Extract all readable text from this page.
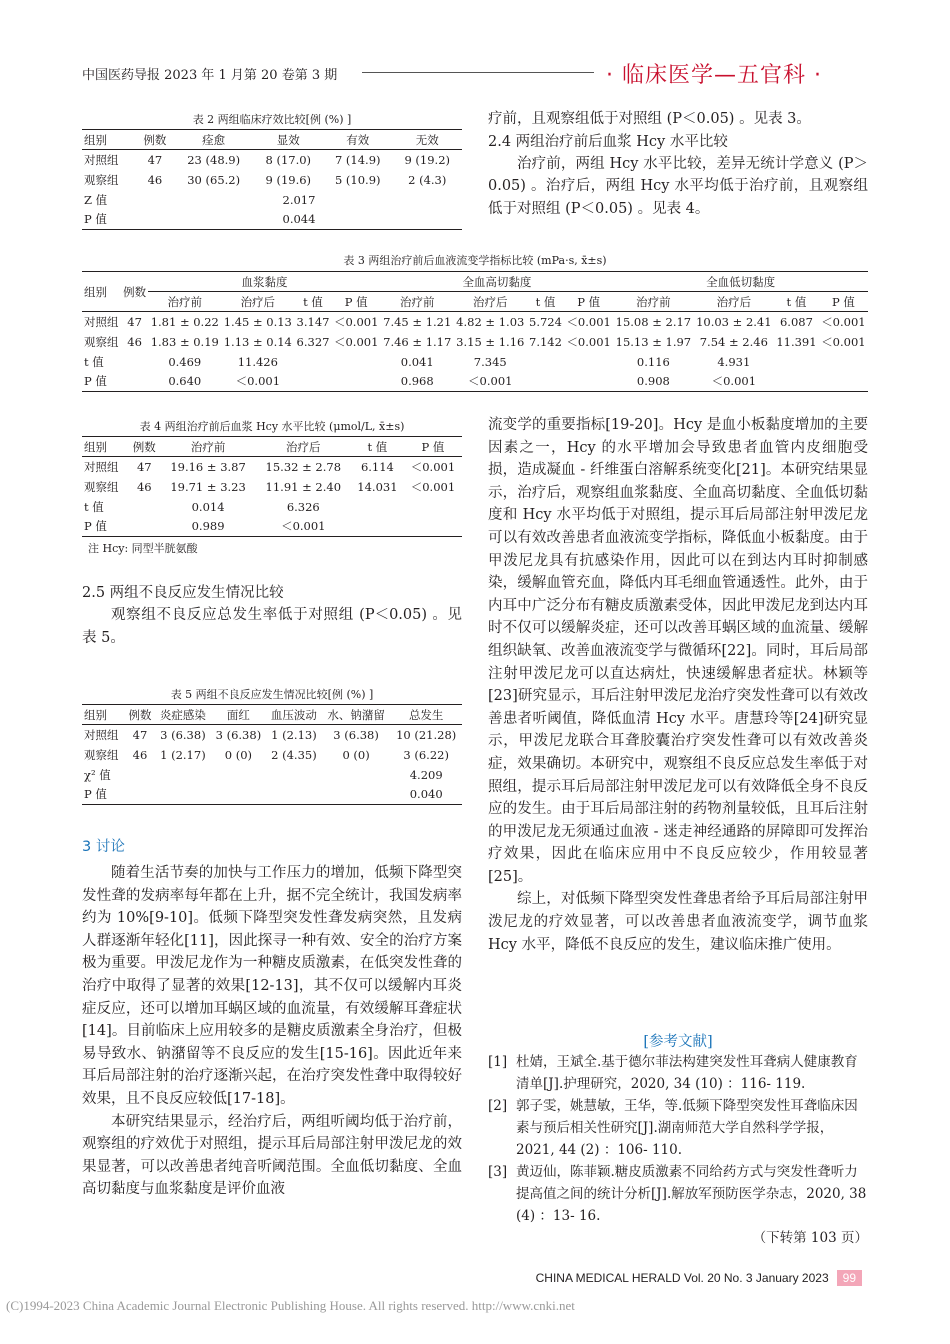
中国医药导报 2023 年 1 月第 20 卷第 3 期	· 临床医学—五官科 ·
表 2 两组临床疗效比较[例 (%) ]
组别	例数	痊愈	显效	有效	无效
对照组	47	23 (48.9)	8 (17.0)	7 (14.9)	9 (19.2)
观察组	46	30 (65.2)	9 (19.6)	5 (10.9)	2 (4.3)
Z 值	2.017				
P 值	0.044				
疗前，且观察组低于对照组 (P＜0.05) 。见表 3。
2.4 两组治疗前后血浆 Hcy 水平比较
治疗前，两组 Hcy 水平比较，差异无统计学意义 (P＞0.05) 。治疗后，两组 Hcy 水平均低于治疗前，且观察组低于对照组 (P＜0.05) 。见表 4。
表 3 两组治疗前后血液流变学指标比较 (mPa·s, x̄±s)
组别	例数	血浆黏度				全血高切黏度				全血低切黏度			
		治疗前	治疗后	t 值	P 值	治疗前	治疗后	t 值	P 值	治疗前	治疗后	t 值	P 值
对照组	47	1.81 ± 0.22	1.45 ± 0.13	3.147	＜0.001	7.45 ± 1.21	4.82 ± 1.03	5.724	＜0.001	15.08 ± 2.17	10.03 ± 2.41	6.087	＜0.001
观察组	46	1.83 ± 0.19	1.13 ± 0.14	6.327	＜0.001	7.46 ± 1.17	3.15 ± 1.16	7.142	＜0.001	15.13 ± 1.97	7.54 ± 2.46	11.391	＜0.001
t 值		0.469	11.426			0.041	7.345			0.116	4.931		
P 值		0.640	＜0.001			0.968	＜0.001			0.908	＜0.001		
表 4 两组治疗前后血浆 Hcy 水平比较 (μmol/L, x̄±s)
组别	例数	治疗前	治疗后	t 值	P 值
对照组	47	19.16 ± 3.87	15.32 ± 2.78	6.114	＜0.001
观察组	46	19.71 ± 3.23	11.91 ± 2.40	14.031	＜0.001
t 值		0.014	6.326		
P 值		0.989	＜0.001		
注 Hcy: 同型半胱氨酸
2.5 两组不良反应发生情况比较
观察组不良反应总发生率低于对照组 (P＜0.05) 。见表 5。
表 5 两组不良反应发生情况比较[例 (%) ]
组别	例数	炎症感染	面红	血压波动	水、钠潴留	总发生
对照组	47	3 (6.38)	3 (6.38)	1 (2.13)	3 (6.38)	10 (21.28)
观察组	46	1 (2.17)	0 (0)	2 (4.35)	0 (0)	3 (6.22)
χ² 值						4.209
P 值						0.040
3 讨论
随着生活节奏的加快与工作压力的增加，低频下降型突发性聋的发病率每年都在上升，据不完全统计，我国发病率约为 10%[9-10]。低频下降型突发性聋发病突然，且发病人群逐渐年轻化[11]，因此探寻一种有效、安全的治疗方案极为重要。甲泼尼龙作为一种糖皮质激素，在低突发性聋的治疗中取得了显著的效果[12-13]，其不仅可以缓解内耳炎症反应，还可以增加耳蜗区域的血流量，有效缓解耳聋症状[14]。目前临床上应用较多的是糖皮质激素全身治疗，但极易导致水、钠潴留等不良反应的发生[15-16]。因此近年来耳后局部注射的治疗逐渐兴起，在治疗突发性聋中取得较好效果，且不良反应较低[17-18]。
本研究结果显示，经治疗后，两组听阈均低于治疗前，观察组的疗效优于对照组，提示耳后局部注射甲泼尼龙的效果显著，可以改善患者纯音听阈范围。全血低切黏度、全血高切黏度与血浆黏度是评价血液
流变学的重要指标[19-20]。Hcy 是血小板黏度增加的主要因素之一，Hcy 的水平增加会导致患者血管内皮细胞受损，造成凝血 - 纤维蛋白溶解系统变化[21]。本研究结果显示，治疗后，观察组血浆黏度、全血高切黏度、全血低切黏度和 Hcy 水平均低于对照组，提示耳后局部注射甲泼尼龙可以有效改善患者血液流变学指标，降低血小板黏度。由于甲泼尼龙具有抗感染作用，因此可以在到达内耳时抑制感染，缓解血管充血，降低内耳毛细血管通透性。此外，由于内耳中广泛分布有糖皮质激素受体，因此甲泼尼龙到达内耳时不仅可以缓解炎症，还可以改善耳蜗区域的血流量、缓解组织缺氧、改善血液流变学与微循环[22]。同时，耳后局部注射甲泼尼龙可以直达病灶，快速缓解患者症状。林颖等[23]研究显示，耳后注射甲泼尼龙治疗突发性聋可以有效改善患者听阈值，降低血清 Hcy 水平。唐慧玲等[24]研究显示，甲泼尼龙联合耳聋胶囊治疗突发性聋可以有效改善炎症，效果确切。本研究中，观察组不良反应总发生率低于对照组，提示耳后局部注射甲泼尼龙可以有效降低全身不良反应的发生。由于耳后局部注射的药物剂量较低，且耳后注射的甲泼尼龙无须通过血液 - 迷走神经通路的屏障即可发挥治疗效果，因此在临床应用中不良反应较少，作用较显著[25]。
综上，对低频下降型突发性聋患者给予耳后局部注射甲泼尼龙的疗效显著，可以改善患者血液流变学，调节血浆 Hcy 水平，降低不良反应的发生，建议临床推广使用。
[参考文献]
[1] 杜婧，王斌全.基于德尔菲法构建突发性耳聋病人健康教育清单[J].护理研究，2020, 34 (10) ：116- 119.
[2] 郭子雯，姚慧敏，王华，等.低频下降型突发性耳聋临床因素与预后相关性研究[J].湖南师范大学自然科学学报，2021, 44 (2) ：106- 110.
[3] 黄迈仙，陈菲颖.糖皮质激素不同给药方式与突发性聋听力提高值之间的统计分析[J].解放军预防医学杂志，2020, 38 (4) ：13- 16.
（下转第 103 页）
CHINA MEDICAL HERALD Vol. 20 No. 3 January 2023	99
(C)1994-2023 China Academic Journal Electronic Publishing House. All rights reserved. http://www.cnki.net
